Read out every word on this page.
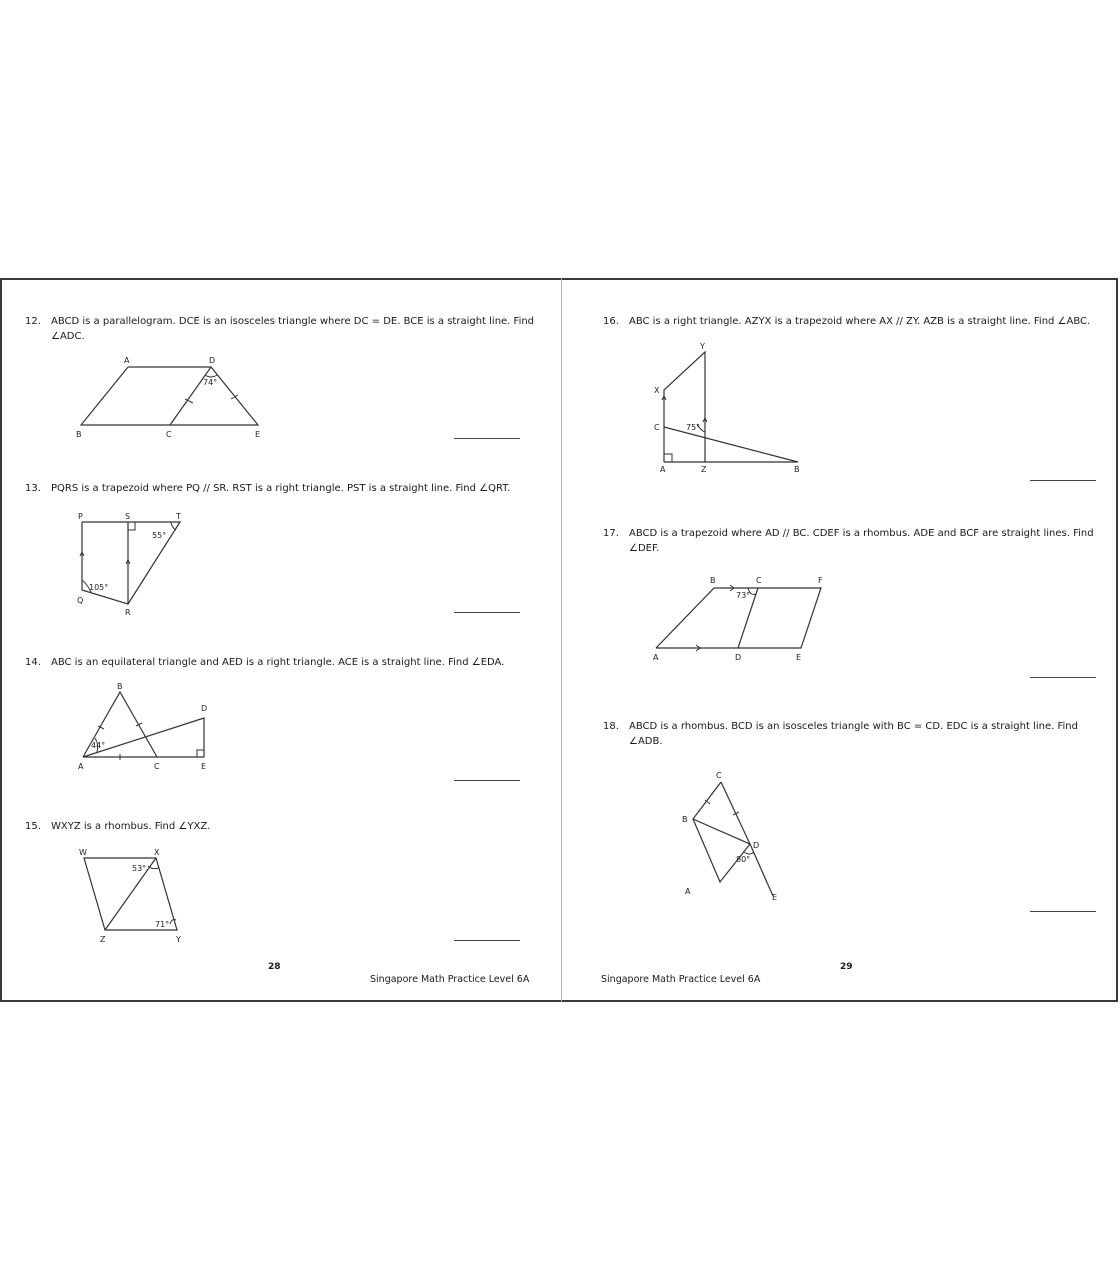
12. ABCD is a parallelogram. DCE is an isosceles triangle where DC = DE. BCE is a straight line. Find
∠ADC.
A	D
B	C	E
74°
13. PQRS is a trapezoid where PQ // SR. RST is a right triangle. PST is a straight line. Find ∠QRT.
P	S	T
Q
R
55°
105°
14. ABC is an equilateral triangle and AED is a right triangle. ACE is a straight line. Find ∠EDA.
B
D
A	C	E
44°
15. WXYZ is a rhombus. Find ∠YXZ.
W	X
Z	Y
53°
71°
28
Singapore Math Practice Level 6A
16. ABC is a right triangle. AZYX is a trapezoid where AX // ZY. AZB is a straight line. Find ∠ABC.
Y
X
C
A	Z	B
75°
17. ABCD is a trapezoid where AD // BC. CDEF is a rhombus. ADE and BCF are straight lines. Find
∠DEF.
B	C	F
A	D	E
73°
18. ABCD is a rhombus. BCD is an isosceles triangle with BC = CD. EDC is a straight line. Find
∠ADB.
C
B
D
A
E
80°
29
Singapore Math Practice Level 6A
